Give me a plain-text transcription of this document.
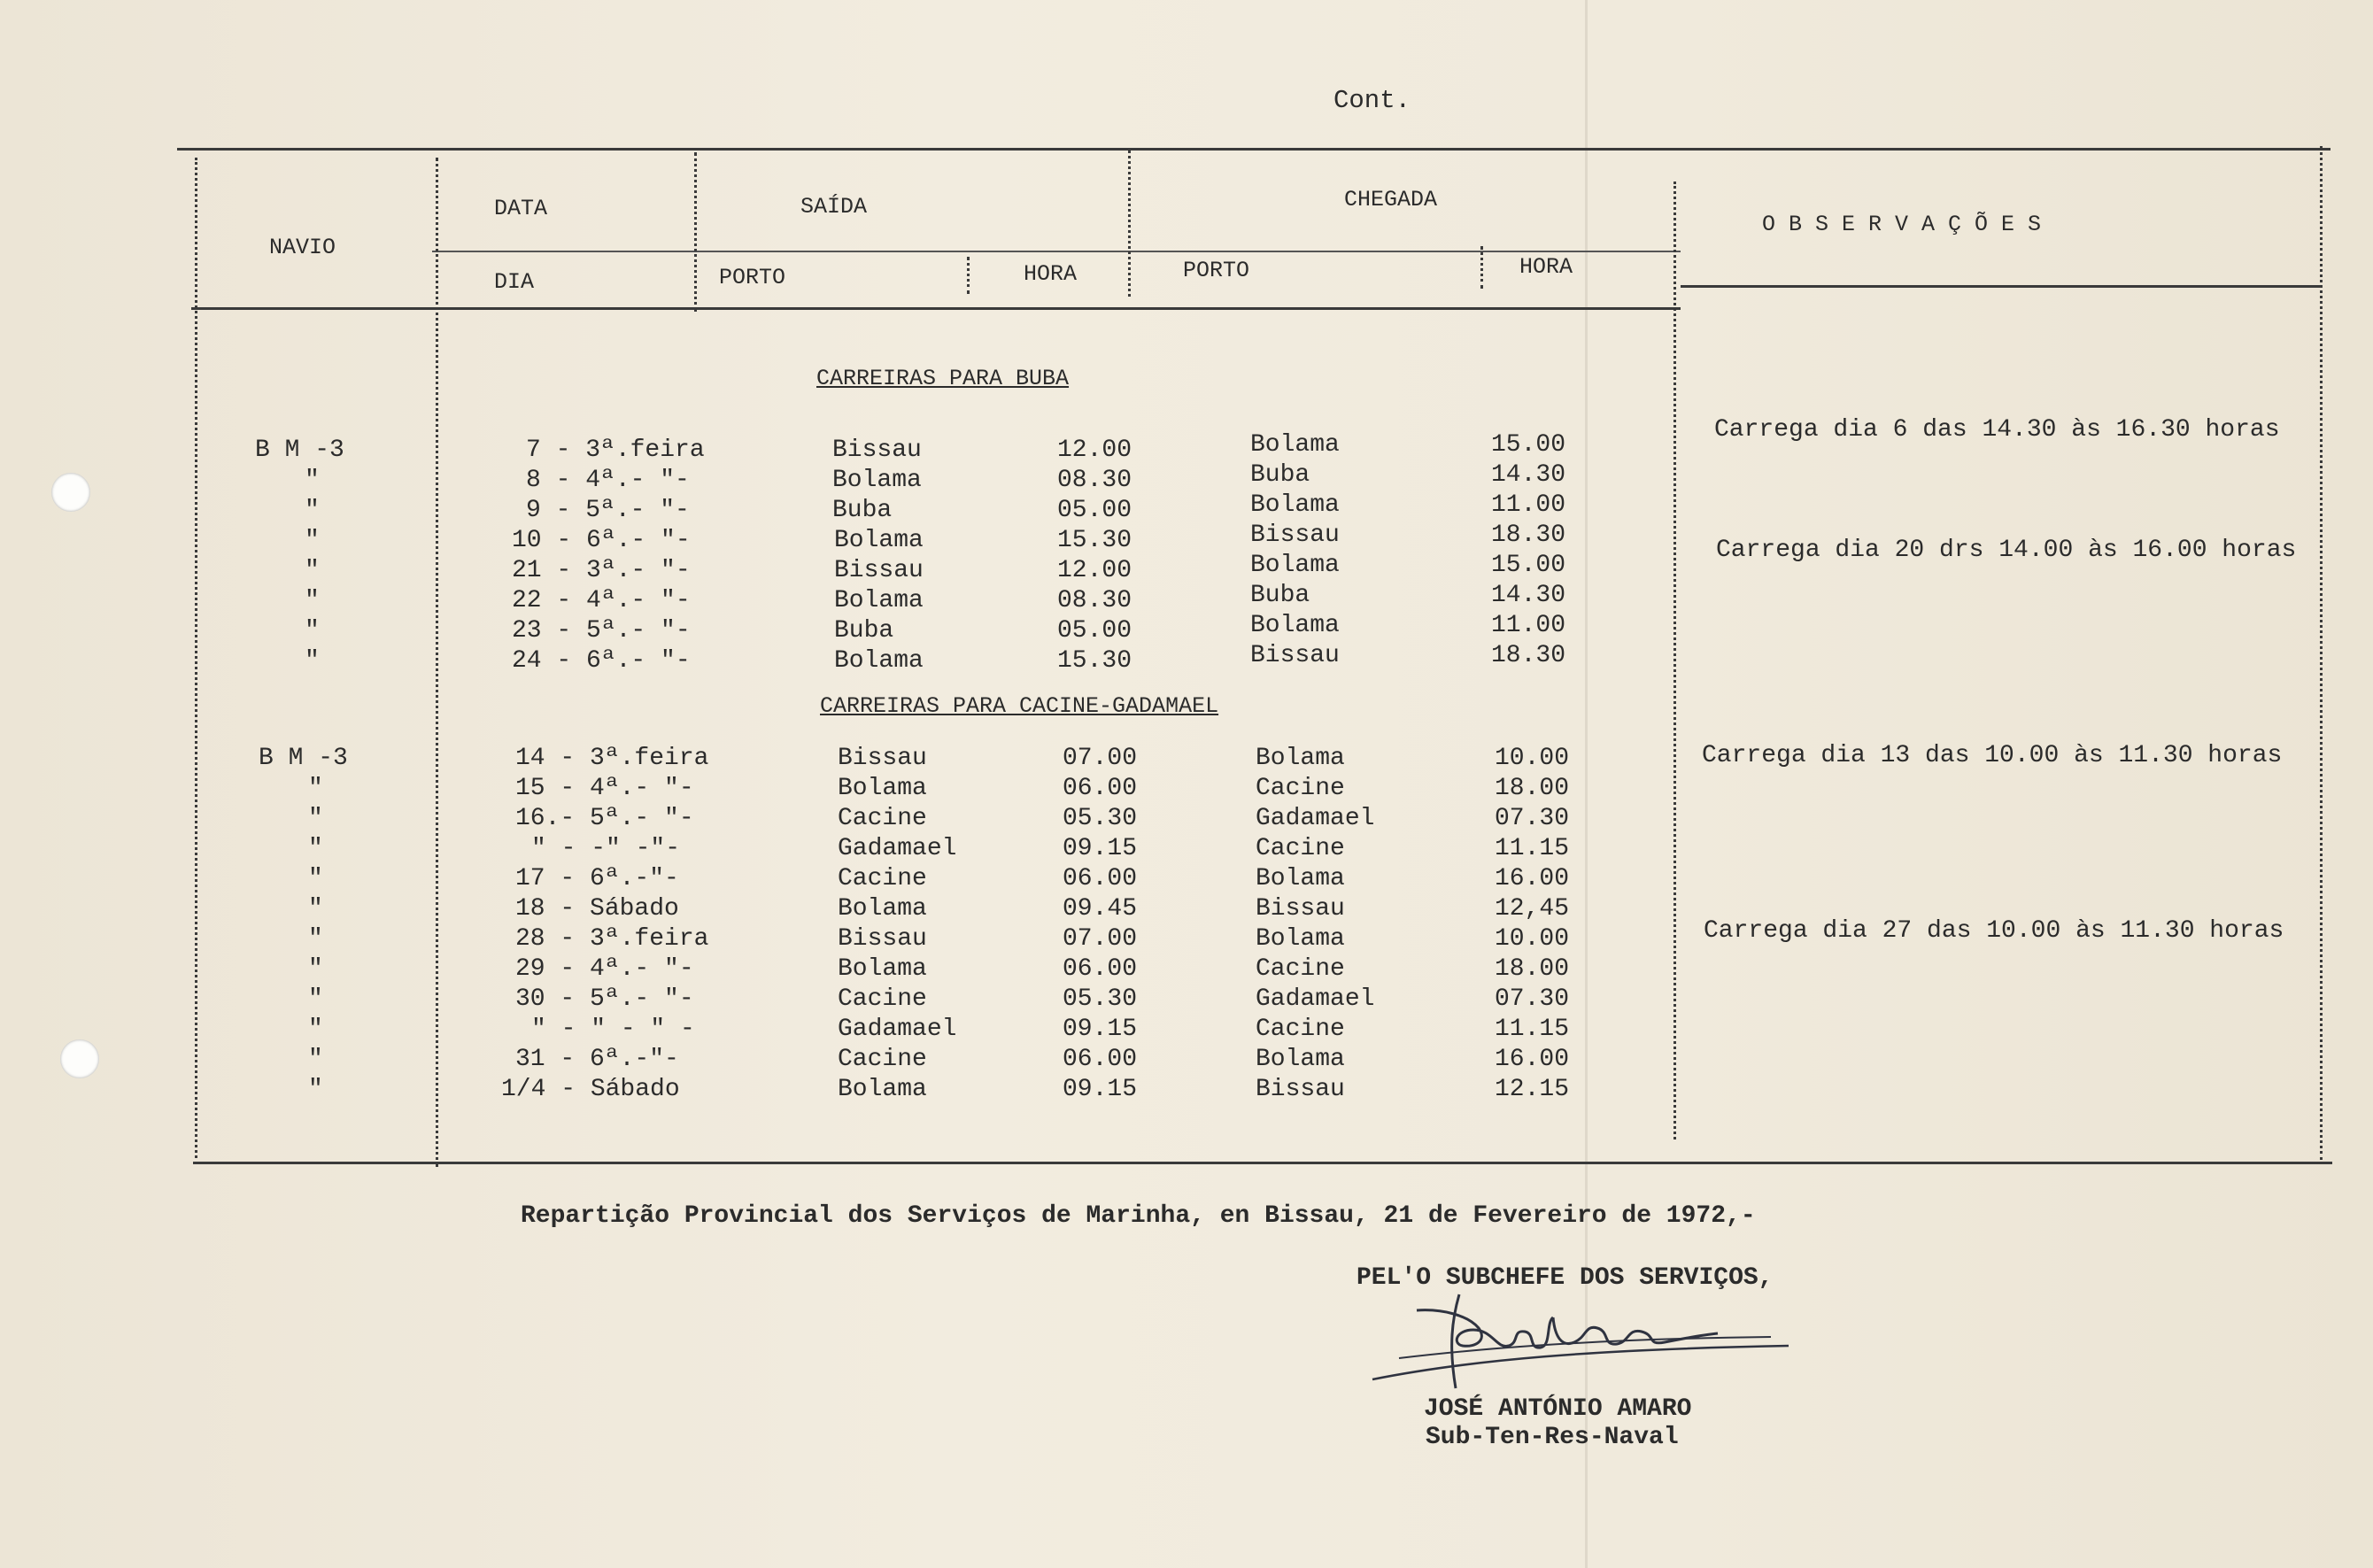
Cont.
NAVIO
DATA	SAÍDA	CHEGADA
O B S E R V A Ç Õ E S
DIA	PORTO	HORA	PORTO	HORA
CARREIRAS PARA BUBA
CARREIRAS PARA CACINE-GADAMAEL
B M -3	7 - 3ª.feira	Bissau	12.00	Bolama	15.00
"	8 - 4ª.- "-	Bolama	08.30	Buba	14.30
"	9 - 5ª.- "-	Buba	05.00	Bolama	11.00
"	10 - 6ª.- "-	Bolama	15.30	Bissau	18.30
"	21 - 3ª.- "-	Bissau	12.00	Bolama	15.00
"	22 - 4ª.- "-	Bolama	08.30	Buba	14.30
"	23 - 5ª.- "-	Buba	05.00	Bolama	11.00
"	24 - 6ª.- "-	Bolama	15.30	Bissau	18.30
Carrega dia 6 das 14.30 às 16.30 horas
Carrega dia 20 drs 14.00 às 16.00 horas
B M -3	14 - 3ª.feira	Bissau	07.00	Bolama	10.00
"	15 - 4ª.- "-	Bolama	06.00	Cacine	18.00
"	16.- 5ª.- "-	Cacine	05.30	Gadamael	07.30
"	" - -" -"-	Gadamael	09.15	Cacine	11.15
"	17 - 6ª.-"-	Cacine	06.00	Bolama	16.00
"	18 - Sábado	Bolama	09.45	Bissau	12,45
"	28 - 3ª.feira	Bissau	07.00	Bolama	10.00
"	29 - 4ª.- "-	Bolama	06.00	Cacine	18.00
"	30 - 5ª.- "-	Cacine	05.30	Gadamael	07.30
"	" - " - " -	Gadamael	09.15	Cacine	11.15
"	31 - 6ª.-"-	Cacine	06.00	Bolama	16.00
"	1/4 - Sábado	Bolama	09.15	Bissau	12.15
Carrega dia 13 das 10.00 às 11.30 horas
Carrega dia 27 das 10.00 às 11.30 horas
Repartição Provincial dos Serviços de Marinha, en Bissau, 21 de Fevereiro de 1972,-
PEL'O SUBCHEFE DOS SERVIÇOS,
José António Amaro
JOSÉ ANTÓNIO AMARO
Sub-Ten-Res-Naval
